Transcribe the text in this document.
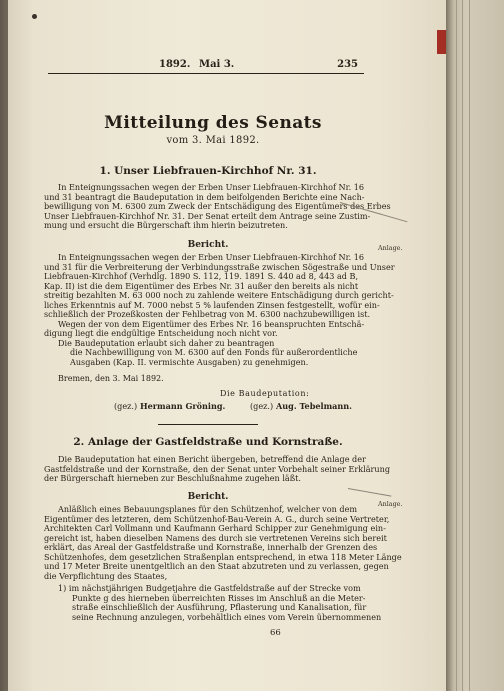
1892. Mai 3.	235
Mitteilung des Senats
vom 3. Mai 1892.
1. Unser Liebfrauen-Kirchhof Nr. 31.
In Enteignungssachen wegen der Erben Unser Liebfrauen-Kirchhof Nr. 16
und 31 beantragt die Baudeputation in dem beifolgenden Berichte eine Nach-
bewilligung von M. 6300 zum Zweck der Entschädigung des Eigentümers des Erbes
Unser Liebfrauen-Kirchhof Nr. 31. Der Senat erteilt dem Antrage seine Zustim-
mung und ersucht die Bürgerschaft ihm hierin beizutreten.
Bericht.	Anlage.
In Enteignungssachen wegen der Erben Unser Liebfrauen-Kirchhof Nr. 16
und 31 für die Verbreiterung der Verbindungsstraße zwischen Sögestraße und Unser
Liebfrauen-Kirchhof (Verhdlg. 1890 S. 112, 119. 1891 S. 440 ad 8, 443 ad B,
Kap. II) ist die dem Eigentümer des Erbes Nr. 31 außer den bereits als nicht
streitig bezahlten M. 63 000 noch zu zahlende weitere Entschädigung durch gericht-
liches Erkenntnis auf M. 7000 nebst 5 % laufenden Zinsen festgestellt, wofür ein-
schließlich der Prozeßkosten der Fehlbetrag von M. 6300 nachzubewilligen ist.
Wegen der von dem Eigentümer des Erbes Nr. 16 beanspruchten Entschä-
digung liegt die endgültige Entscheidung noch nicht vor.
Die Baudeputation erlaubt sich daher zu beantragen
die Nachbewilligung von M. 6300 auf den Fonds für außerordentliche
Ausgaben (Kap. II. vermischte Ausgaben) zu genehmigen.
Bremen, den 3. Mai 1892.
Die Baudeputation:
(gez.) Hermann Gröning.	(gez.) Aug. Tebelmann.
2. Anlage der Gastfeldstraße und Kornstraße.
Die Baudeputation hat einen Bericht übergeben, betreffend die Anlage der
Gastfeldstraße und der Kornstraße, den der Senat unter Vorbehalt seiner Erklärung
der Bürgerschaft hierneben zur Beschlußnahme zugehen läßt.
Bericht.
Anlage.
Anläßlich eines Bebauungsplanes für den Schützenhof, welcher von dem
Eigentümer des letzteren, dem Schützenhof-Bau-Verein A. G., durch seine Vertreter,
Architekten Carl Vollmann und Kaufmann Gerhard Schipper zur Genehmigung ein-
gereicht ist, haben dieselben Namens des durch sie vertretenen Vereins sich bereit
erklärt, das Areal der Gastfeldstraße und Kornstraße, innerhalb der Grenzen des
Schützenhofes, dem gesetzlichen Straßenplan entsprechend, in etwa 118 Meter Länge
und 17 Meter Breite unentgeltlich an den Staat abzutreten und zu verlassen, gegen
die Verpflichtung des Staates,
1) im nächstjährigen Budgetjahre die Gastfeldstraße auf der Strecke vom
Punkte g des hierneben überreichten Risses im Anschluß an die Meter-
straße einschließlich der Ausführung, Pflasterung und Kanalisation, für
seine Rechnung anzulegen, vorbehältlich eines vom Verein übernommenen
66
